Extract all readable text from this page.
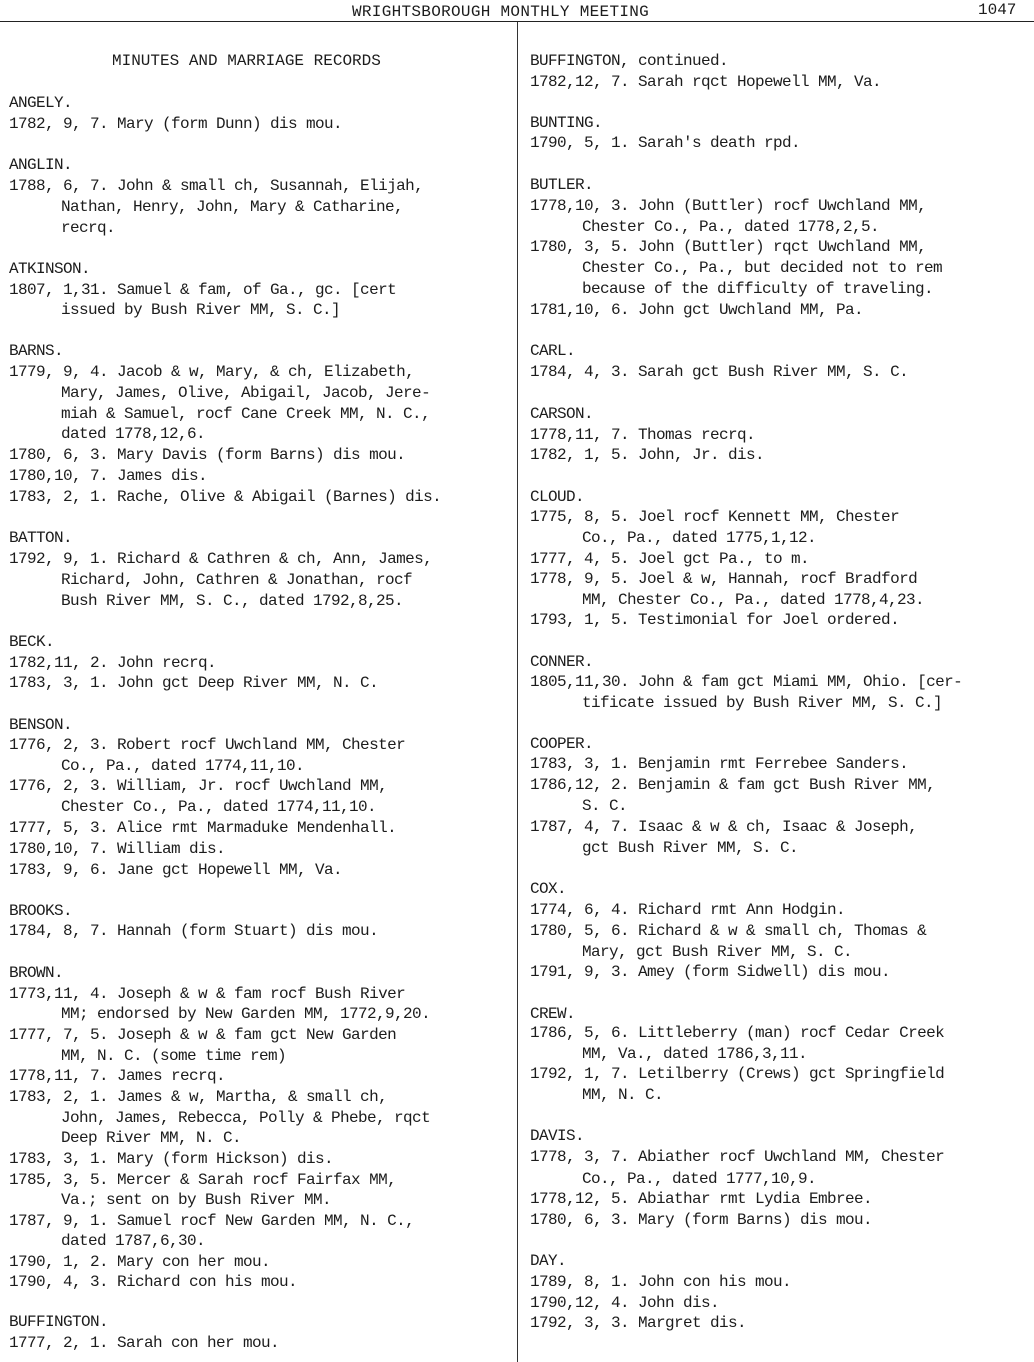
WRIGHTSBOROUGH MONTHLY MEETING	1047
MINUTES AND MARRIAGE RECORDS
ANGELY.
1782, 9, 7. Mary (form Dunn) dis mou.
ANGLIN.
1788, 6, 7. John & small ch, Susannah, Elijah,
Nathan, Henry, John, Mary & Catharine,
recrq.
ATKINSON.
1807, 1,31. Samuel & fam, of Ga., gc. [cert
issued by Bush River MM, S. C.]
BARNS.
1779, 9, 4. Jacob & w, Mary, & ch, Elizabeth,
Mary, James, Olive, Abigail, Jacob, Jere-
miah & Samuel, rocf Cane Creek MM, N. C.,
dated 1778,12,6.
1780, 6, 3. Mary Davis (form Barns) dis mou.
1780,10, 7. James dis.
1783, 2, 1. Rache, Olive & Abigail (Barnes) dis.
BATTON.
1792, 9, 1. Richard & Cathren & ch, Ann, James,
Richard, John, Cathren & Jonathan, rocf
Bush River MM, S. C., dated 1792,8,25.
BECK.
1782,11, 2. John recrq.
1783, 3, 1. John gct Deep River MM, N. C.
BENSON.
1776, 2, 3. Robert rocf Uwchland MM, Chester
Co., Pa., dated 1774,11,10.
1776, 2, 3. William, Jr. rocf Uwchland MM,
Chester Co., Pa., dated 1774,11,10.
1777, 5, 3. Alice rmt Marmaduke Mendenhall.
1780,10, 7. William dis.
1783, 9, 6. Jane gct Hopewell MM, Va.
BROOKS.
1784, 8, 7. Hannah (form Stuart) dis mou.
BROWN.
1773,11, 4. Joseph & w & fam rocf Bush River
MM; endorsed by New Garden MM, 1772,9,20.
1777, 7, 5. Joseph & w & fam gct New Garden
MM, N. C. (some time rem)
1778,11, 7. James recrq.
1783, 2, 1. James & w, Martha, & small ch,
John, James, Rebecca, Polly & Phebe, rqct
Deep River MM, N. C.
1783, 3, 1. Mary (form Hickson) dis.
1785, 3, 5. Mercer & Sarah rocf Fairfax MM,
Va.; sent on by Bush River MM.
1787, 9, 1. Samuel rocf New Garden MM, N. C.,
dated 1787,6,30.
1790, 1, 2. Mary con her mou.
1790, 4, 3. Richard con his mou.
BUFFINGTON.
1777, 2, 1. Sarah con her mou.
BUFFINGTON, continued.
1782,12, 7. Sarah rqct Hopewell MM, Va.
BUNTING.
1790, 5, 1. Sarah's death rpd.
BUTLER.
1778,10, 3. John (Buttler) rocf Uwchland MM,
Chester Co., Pa., dated 1778,2,5.
1780, 3, 5. John (Buttler) rqct Uwchland MM,
Chester Co., Pa., but decided not to rem
because of the difficulty of traveling.
1781,10, 6. John gct Uwchland MM, Pa.
CARL.
1784, 4, 3. Sarah gct Bush River MM, S. C.
CARSON.
1778,11, 7. Thomas recrq.
1782, 1, 5. John, Jr. dis.
CLOUD.
1775, 8, 5. Joel rocf Kennett MM, Chester
Co., Pa., dated 1775,1,12.
1777, 4, 5. Joel gct Pa., to m.
1778, 9, 5. Joel & w, Hannah, rocf Bradford
MM, Chester Co., Pa., dated 1778,4,23.
1793, 1, 5. Testimonial for Joel ordered.
CONNER.
1805,11,30. John & fam gct Miami MM, Ohio. [cer-
tificate issued by Bush River MM, S. C.]
COOPER.
1783, 3, 1. Benjamin rmt Ferrebee Sanders.
1786,12, 2. Benjamin & fam gct Bush River MM,
S. C.
1787, 4, 7. Isaac & w & ch, Isaac & Joseph,
gct Bush River MM, S. C.
COX.
1774, 6, 4. Richard rmt Ann Hodgin.
1780, 5, 6. Richard & w & small ch, Thomas &
Mary, gct Bush River MM, S. C.
1791, 9, 3. Amey (form Sidwell) dis mou.
CREW.
1786, 5, 6. Littleberry (man) rocf Cedar Creek
MM, Va., dated 1786,3,11.
1792, 1, 7. Letilberry (Crews) gct Springfield
MM, N. C.
DAVIS.
1778, 3, 7. Abiather rocf Uwchland MM, Chester
Co., Pa., dated 1777,10,9.
1778,12, 5. Abiathar rmt Lydia Embree.
1780, 6, 3. Mary (form Barns) dis mou.
DAY.
1789, 8, 1. John con his mou.
1790,12, 4. John dis.
1792, 3, 3. Margret dis.
